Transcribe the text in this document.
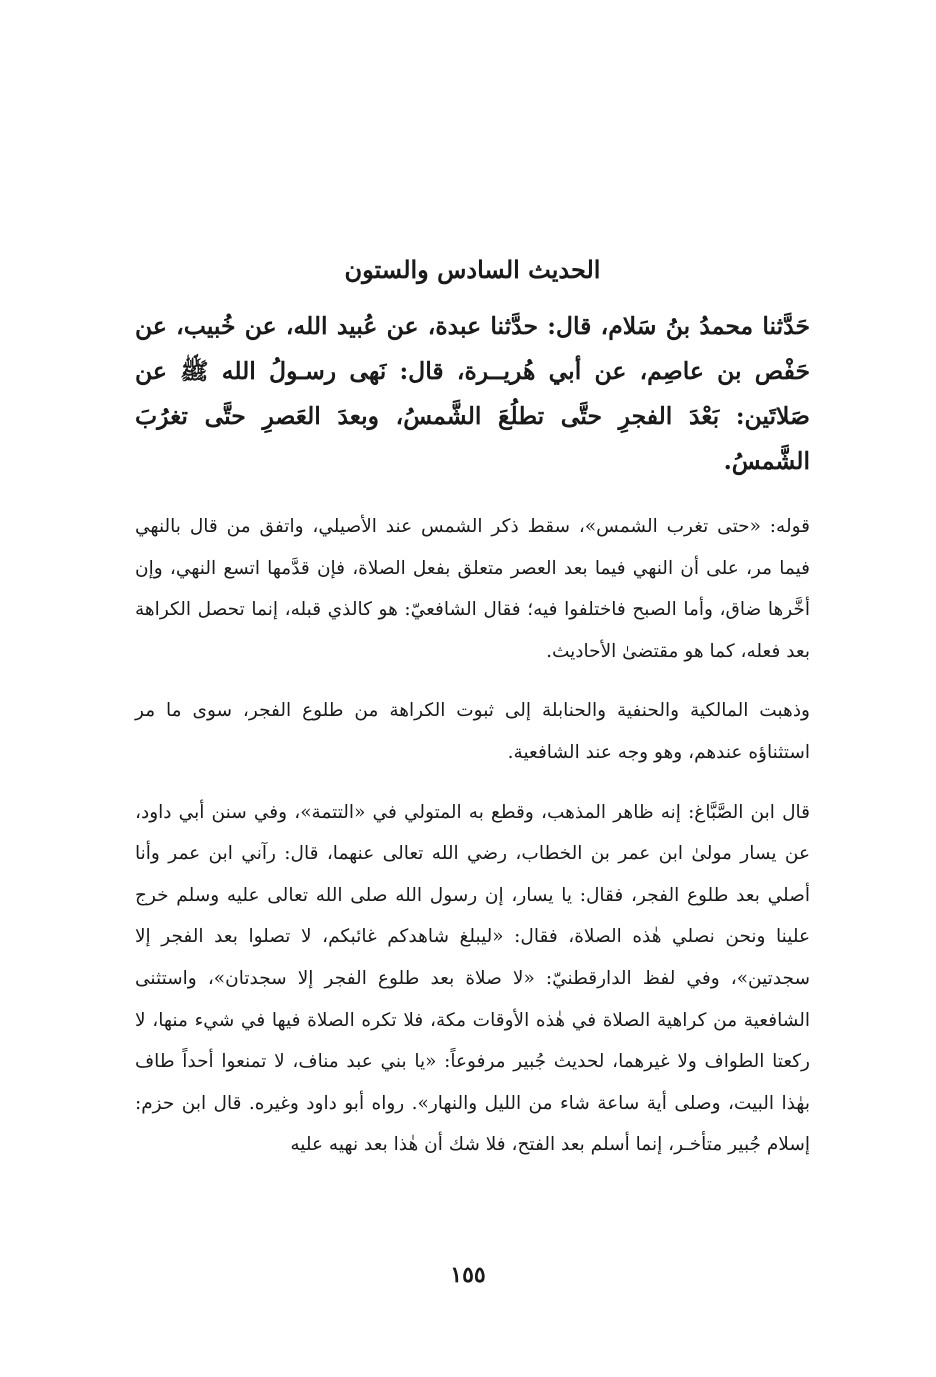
الحديث السادس والستون

حَدَّثنا محمدُ بنُ سَلام، قال: حدَّثنا عبدة، عن عُبيد الله، عن خُبيب، عن حَفْص بن عاصِم، عن أبي هُريــرة، قال: نَهى رسـولُ الله ﷺ عن صَلاتَين: بَعْدَ الفجرِ حتَّى تطلُعَ الشَّمسُ، وبعدَ العَصرِ حتَّى تغرُبَ الشَّمسُ.

قوله: «حتى تغرب الشمس»، سقط ذكر الشمس عند الأصيلي، واتفق من قال بالنهي فيما مر، على أن النهي فيما بعد العصر متعلق بفعل الصلاة، فإن قدَّمها اتسع النهي، وإن أخَّرها ضاق، وأما الصبح فاختلفوا فيه؛ فقال الشافعيّ: هو كالذي قبله، إنما تحصل الكراهة بعد فعله، كما هو مقتضىٰ الأحاديث.

وذهبت المالكية والحنفية والحنابلة إلى ثبوت الكراهة من طلوع الفجر، سوى ما مر استثناؤه عندهم، وهو وجه عند الشافعية.

قال ابن الصَّبَّاغ: إنه ظاهر المذهب، وقطع به المتولي في «التتمة»، وفي سنن أبي داود، عن يسار مولىٰ ابن عمر بن الخطاب، رضي الله تعالى عنهما، قال: رآني ابن عمر وأنا أصلي بعد طلوع الفجر، فقال: يا يسار، إن رسول الله صلى الله تعالى عليه وسلم خرج علينا ونحن نصلي هٰذه الصلاة، فقال: «ليبلغ شاهدكم غائبكم، لا تصلوا بعد الفجر إلا سجدتين»، وفي لفظ الدارقطنيّ: «لا صلاة بعد طلوع الفجر إلا سجدتان»، واستثنى الشافعية من كراهية الصلاة في هٰذه الأوقات مكة، فلا تكره الصلاة فيها في شيء منها، لا ركعتا الطواف ولا غيرهما، لحديث جُبير مرفوعاً: «يا بني عبد مناف، لا تمنعوا أحداً طاف بهٰذا البيت، وصلى أية ساعة شاء من الليل والنهار». رواه أبو داود وغيره. قال ابن حزم: إسلام جُبير متأخـر، إنما أسلم بعد الفتح، فلا شك أن هٰذا بعد نهيه عليه

١٥٥
